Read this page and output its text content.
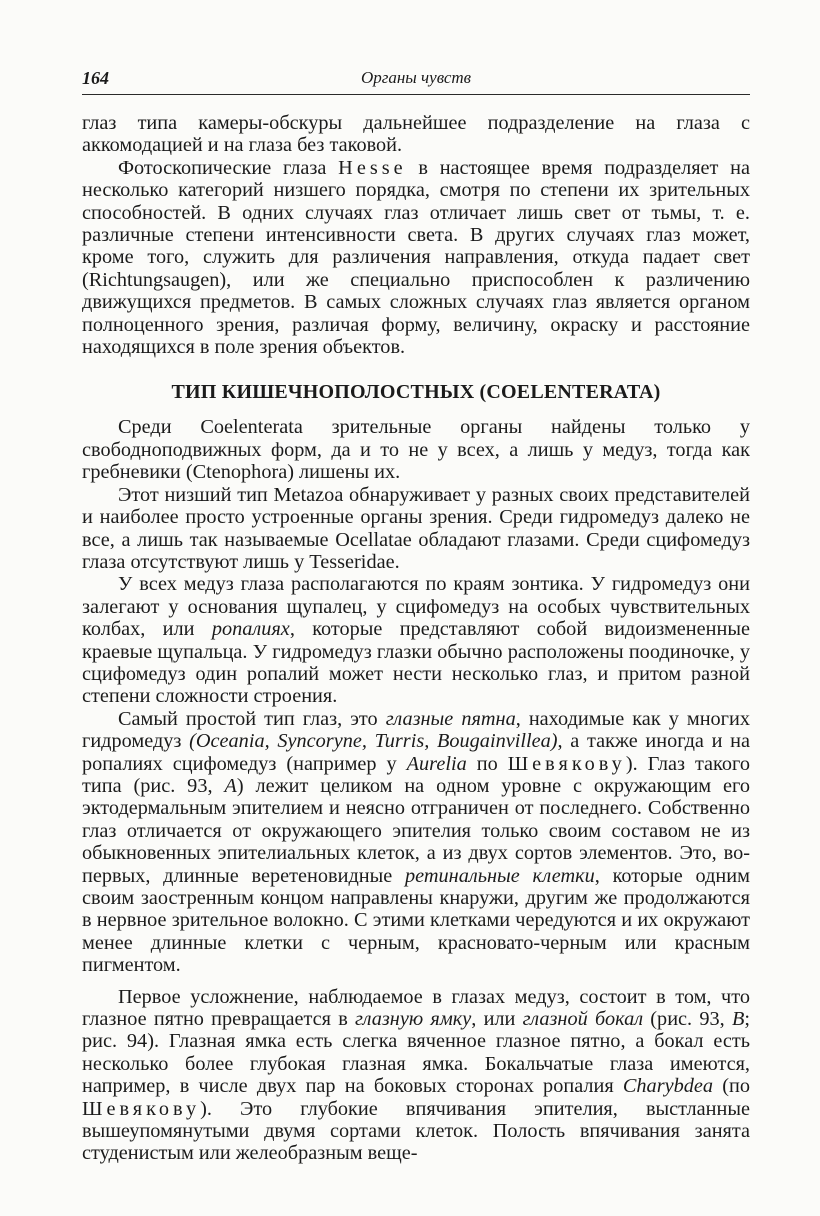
164	Органы чувств

глаз типа камеры-обскуры дальнейшее подразделение на глаза с аккомодацией и на глаза без таковой.

Фотоскопические глаза Hesse в настоящее время подразделяет на несколько категорий низшего порядка, смотря по степени их зрительных способностей. В одних случаях глаз отличает лишь свет от тьмы, т. е. различные степени интенсивности света. В других случаях глаз может, кроме того, служить для различения направления, откуда падает свет (Richtungsaugen), или же специально приспособлен к различению движущихся предметов. В самых сложных случаях глаз является органом полноценного зрения, различая форму, величину, окраску и расстояние находящихся в поле зрения объектов.

ТИП КИШЕЧНОПОЛОСТНЫХ (COELENTERATA)

Среди Coelenterata зрительные органы найдены только у свободноподвижных форм, да и то не у всех, а лишь у медуз, тогда как гребневики (Ctenophora) лишены их.

Этот низший тип Metazoa обнаруживает у разных своих представителей и наиболее просто устроенные органы зрения. Среди гидромедуз далеко не все, а лишь так называемые Ocellatae обладают глазами. Среди сцифомедуз глаза отсутствуют лишь у Tesseridae.

У всех медуз глаза располагаются по краям зонтика. У гидромедуз они залегают у основания щупалец, у сцифомедуз на особых чувствительных колбах, или ропалиях, которые представляют собой видоизмененные краевые щупальца. У гидромедуз глазки обычно расположены поодиночке, у сцифомедуз один ропалий может нести несколько глаз, и притом разной степени сложности строения.

Самый простой тип глаз, это глазные пятна, находимые как у многих гидромедуз (Oceania, Syncoryne, Turris, Bougainvillea), а также иногда и на ропалиях сцифомедуз (например у Aurelia по Шевякову). Глаз такого типа (рис. 93, A) лежит целиком на одном уровне с окружающим его эктодермальным эпителием и неясно отграничен от последнего. Собственно глаз отличается от окружающего эпителия только своим составом не из обыкновенных эпителиальных клеток, а из двух сортов элементов. Это, во-первых, длинные веретеновидные ретинальные клетки, которые одним своим заостренным концом направлены кнаружи, другим же продолжаются в нервное зрительное волокно. С этими клетками чередуются и их окружают менее длинные клетки с черным, красновато-черным или красным пигментом.

Первое усложнение, наблюдаемое в глазах медуз, состоит в том, что глазное пятно превращается в глазную ямку, или глазной бокал (рис. 93, B; рис. 94). Глазная ямка есть слегка вяченное глазное пятно, а бокал есть несколько более глубокая глазная ямка. Бокальчатые глаза имеются, например, в числе двух пар на боковых сторонах ропалия Charybdea (по Шевякову). Это глубокие впячивания эпителия, выстланные вышеупомянутыми двумя сортами клеток. Полость впячивания занята студенистым или желеобразным веще-
